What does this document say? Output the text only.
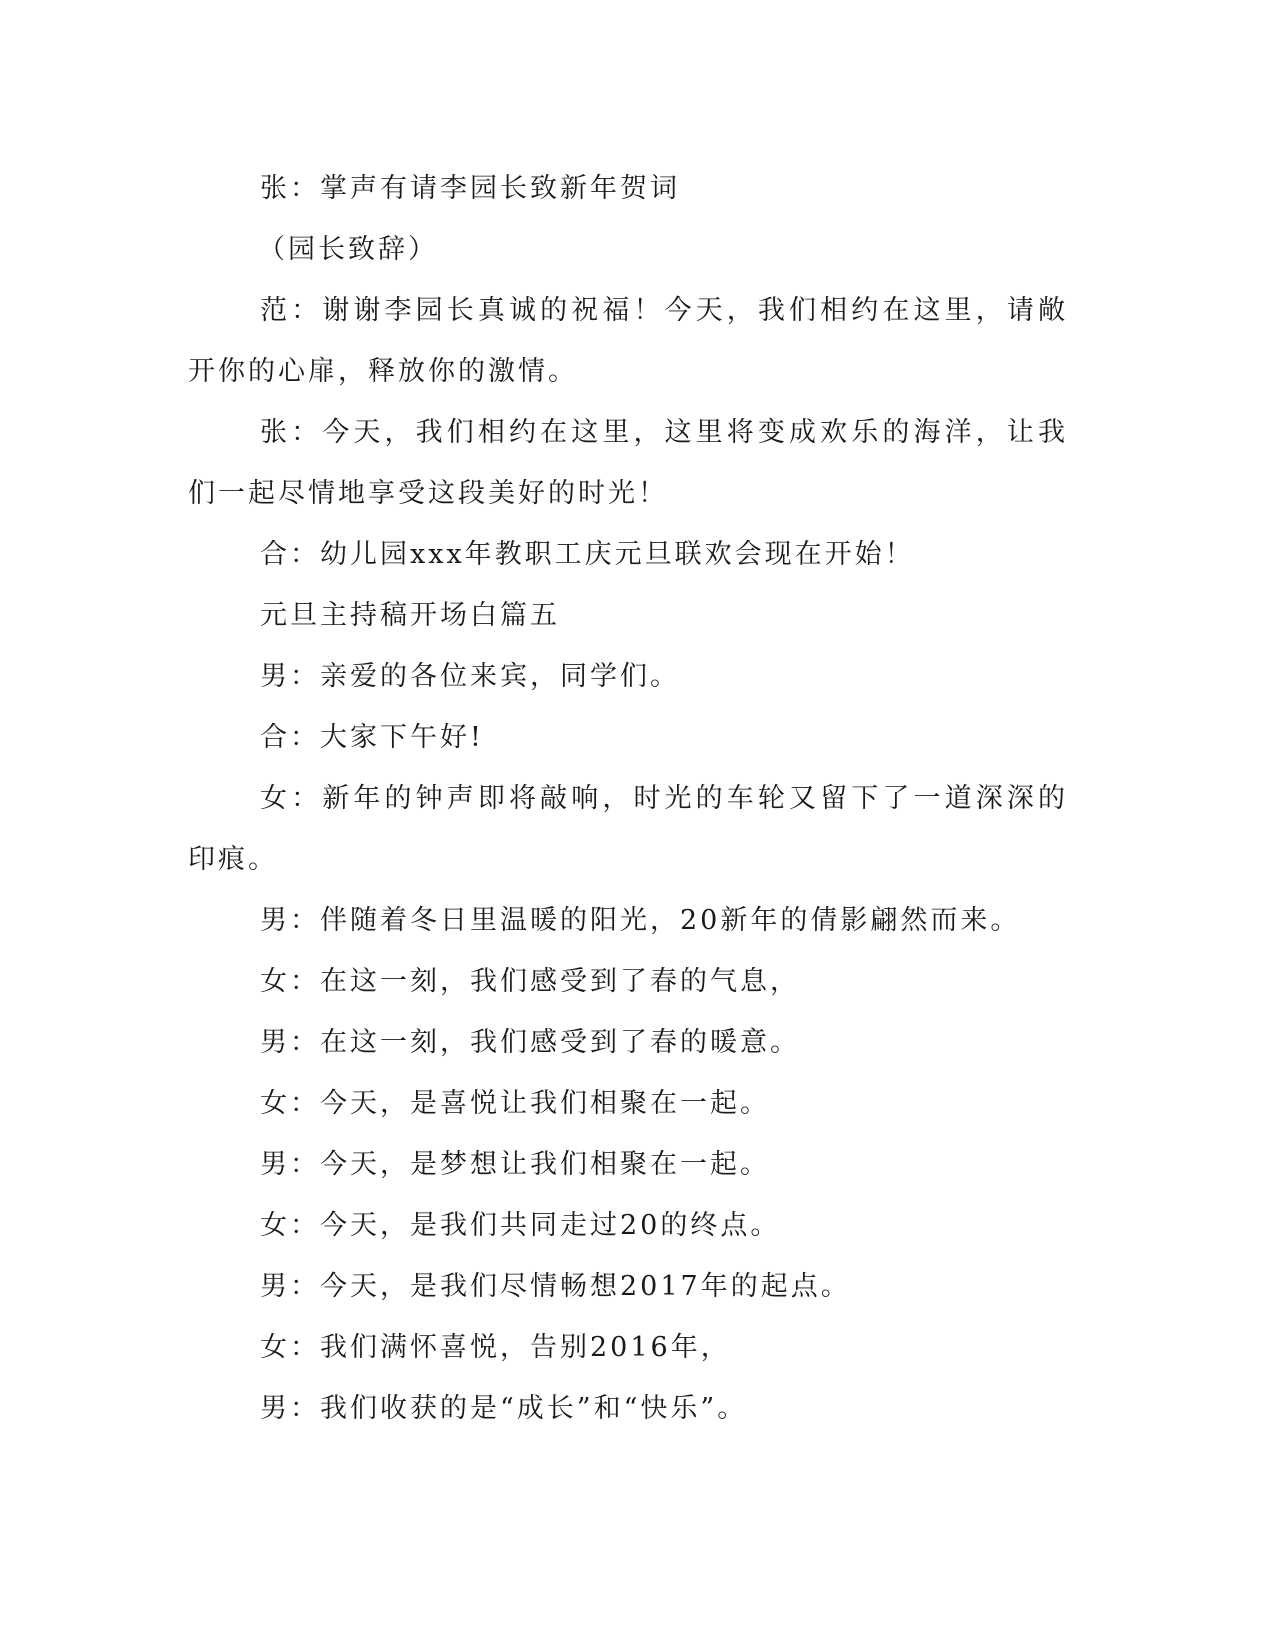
张：掌声有请李园长致新年贺词

（园长致辞）

范：谢谢李园长真诚的祝福！今天，我们相约在这里，请敞开你的心扉，释放你的激情。

张：今天，我们相约在这里，这里将变成欢乐的海洋，让我们一起尽情地享受这段美好的时光！

合：幼儿园xxx年教职工庆元旦联欢会现在开始！

元旦主持稿开场白篇五

男：亲爱的各位来宾，同学们。

合：大家下午好!

女：新年的钟声即将敲响，时光的车轮又留下了一道深深的印痕。

男：伴随着冬日里温暖的阳光，20新年的倩影翩然而来。

女：在这一刻，我们感受到了春的气息，

男：在这一刻，我们感受到了春的暖意。

女：今天，是喜悦让我们相聚在一起。

男：今天，是梦想让我们相聚在一起。

女：今天，是我们共同走过20的终点。

男：今天，是我们尽情畅想2017年的起点。

女：我们满怀喜悦，告别2016年，

男：我们收获的是“成长”和“快乐”。
